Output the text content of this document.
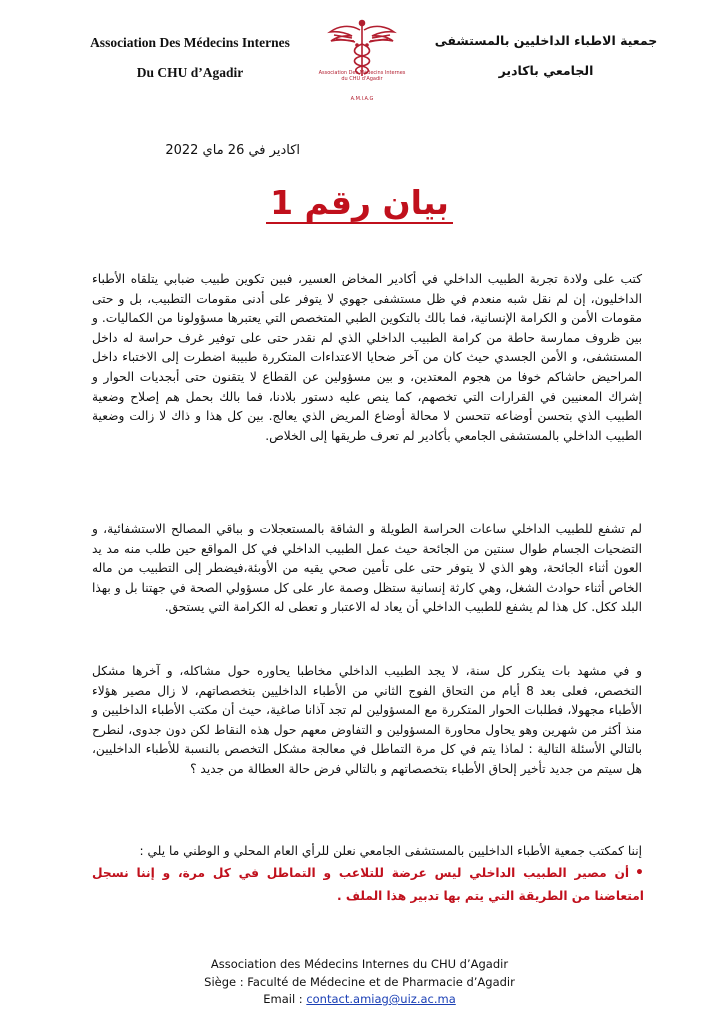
Association Des Médecins Internes
Du CHU d’Agadir
A.M.I.A.G
Association Des Médecins Internes du CHU d'Agadir
جمعية الاطباء الداخليين بالمستشفى
الجامعي باكادير
اكادير في 26 ماي 2022
بيان رقم 1
كتب على ولادة تجربة الطبيب الداخلي في أكادير المخاض العسير، فبين تكوين طبيب ضبابي يتلقاه الأطباء الداخليون، إن لم نقل شبه منعدم في ظل مستشفى جهوي لا يتوفر على أدنى مقومات التطبيب، بل و حتى مقومات الأمن و الكرامة الإنسانية، فما بالك بالتكوين الطبي المتخصص التي يعتبرها مسؤولونا من الكماليات. و بين ظروف ممارسة حاطة من كرامة الطبيب الداخلي الذي لم نقدر حتى على توفير غرف حراسة له داخل المستشفى، و الأمن الجسدي حيث كان من آخر ضحايا الاعتداءات المتكررة طبيبة اضطرت إلى الاختباء داخل المراحيض حاشاكم خوفا من هجوم المعتدين، و بين مسؤولين عن القطاع لا يتقنون حتى أبجديات الحوار و إشراك المعنيين في القرارات التي تخصهم، كما ينص عليه دستور بلادنا، فما بالك بحمل هم إصلاح وضعية الطبيب الذي بتحسن أوضاعه تتحسن لا محالة أوضاع المريض الذي يعالج. بين كل هذا و ذاك لا زالت وضعية الطبيب الداخلي بالمستشفى الجامعي بأكادير لم تعرف طريقها إلى الخلاص.
لم تشفع للطبيب الداخلي ساعات الحراسة الطويلة و الشاقة بالمستعجلات و بباقي المصالح الاستشفائية، و التضحيات الجسام طوال سنتين من الجائحة حيث عمل الطبيب الداخلي في كل المواقع حين طلب منه مد يد العون أثناء الجائحة، وهو الذي لا يتوفر حتى على تأمين صحي يقيه من الأوبئة،فيضطر إلى التطبيب من ماله الخاص أثناء حوادث الشغل، وهي كارثة إنسانية ستظل وصمة عار على كل مسؤولي الصحة في جهتنا بل و بهذا البلد ككل. كل هذا لم يشفع للطبيب الداخلي أن يعاد له الاعتبار و تعطى له الكرامة التي يستحق.
و في مشهد بات يتكرر كل سنة، لا يجد الطبيب الداخلي مخاطبا يحاوره حول مشاكله، و آخرها مشكل التخصص، فعلى بعد 8 أيام من التحاق الفوج الثاني من الأطباء الداخليين بتخصصاتهم، لا زال مصير هؤلاء الأطباء مجهولا، فطلبات الحوار المتكررة مع المسؤولين لم تجد آذانا صاغية، حيث أن مكتب الأطباء الداخليين و منذ أكثر من شهرين وهو يحاول محاورة المسؤولين و التفاوض معهم حول هذه النقاط لكن دون جدوى، لنطرح بالتالي الأسئلة التالية : لماذا يتم في كل مرة التماطل في معالجة مشكل التخصص بالنسبة للأطباء الداخليين، هل سيتم من جديد تأخير إلحاق الأطباء بتخصصاتهم و بالتالي فرض حالة العطالة من جديد ؟
إننا كمكتب جمعية الأطباء الداخليين بالمستشفى الجامعي نعلن للرأي العام المحلي و الوطني ما يلي :
•أن مصير الطبيب الداخلي ليس عرضة للتلاعب و التماطل في كل مرة، و إننا نسجل امتعاضنا من الطريقة التي يتم بها تدبير هذا الملف .
Association des Médecins Internes du CHU d’Agadir
Siège : Faculté de Médecine et de Pharmacie d’Agadir
Email : contact.amiag@uiz.ac.ma
